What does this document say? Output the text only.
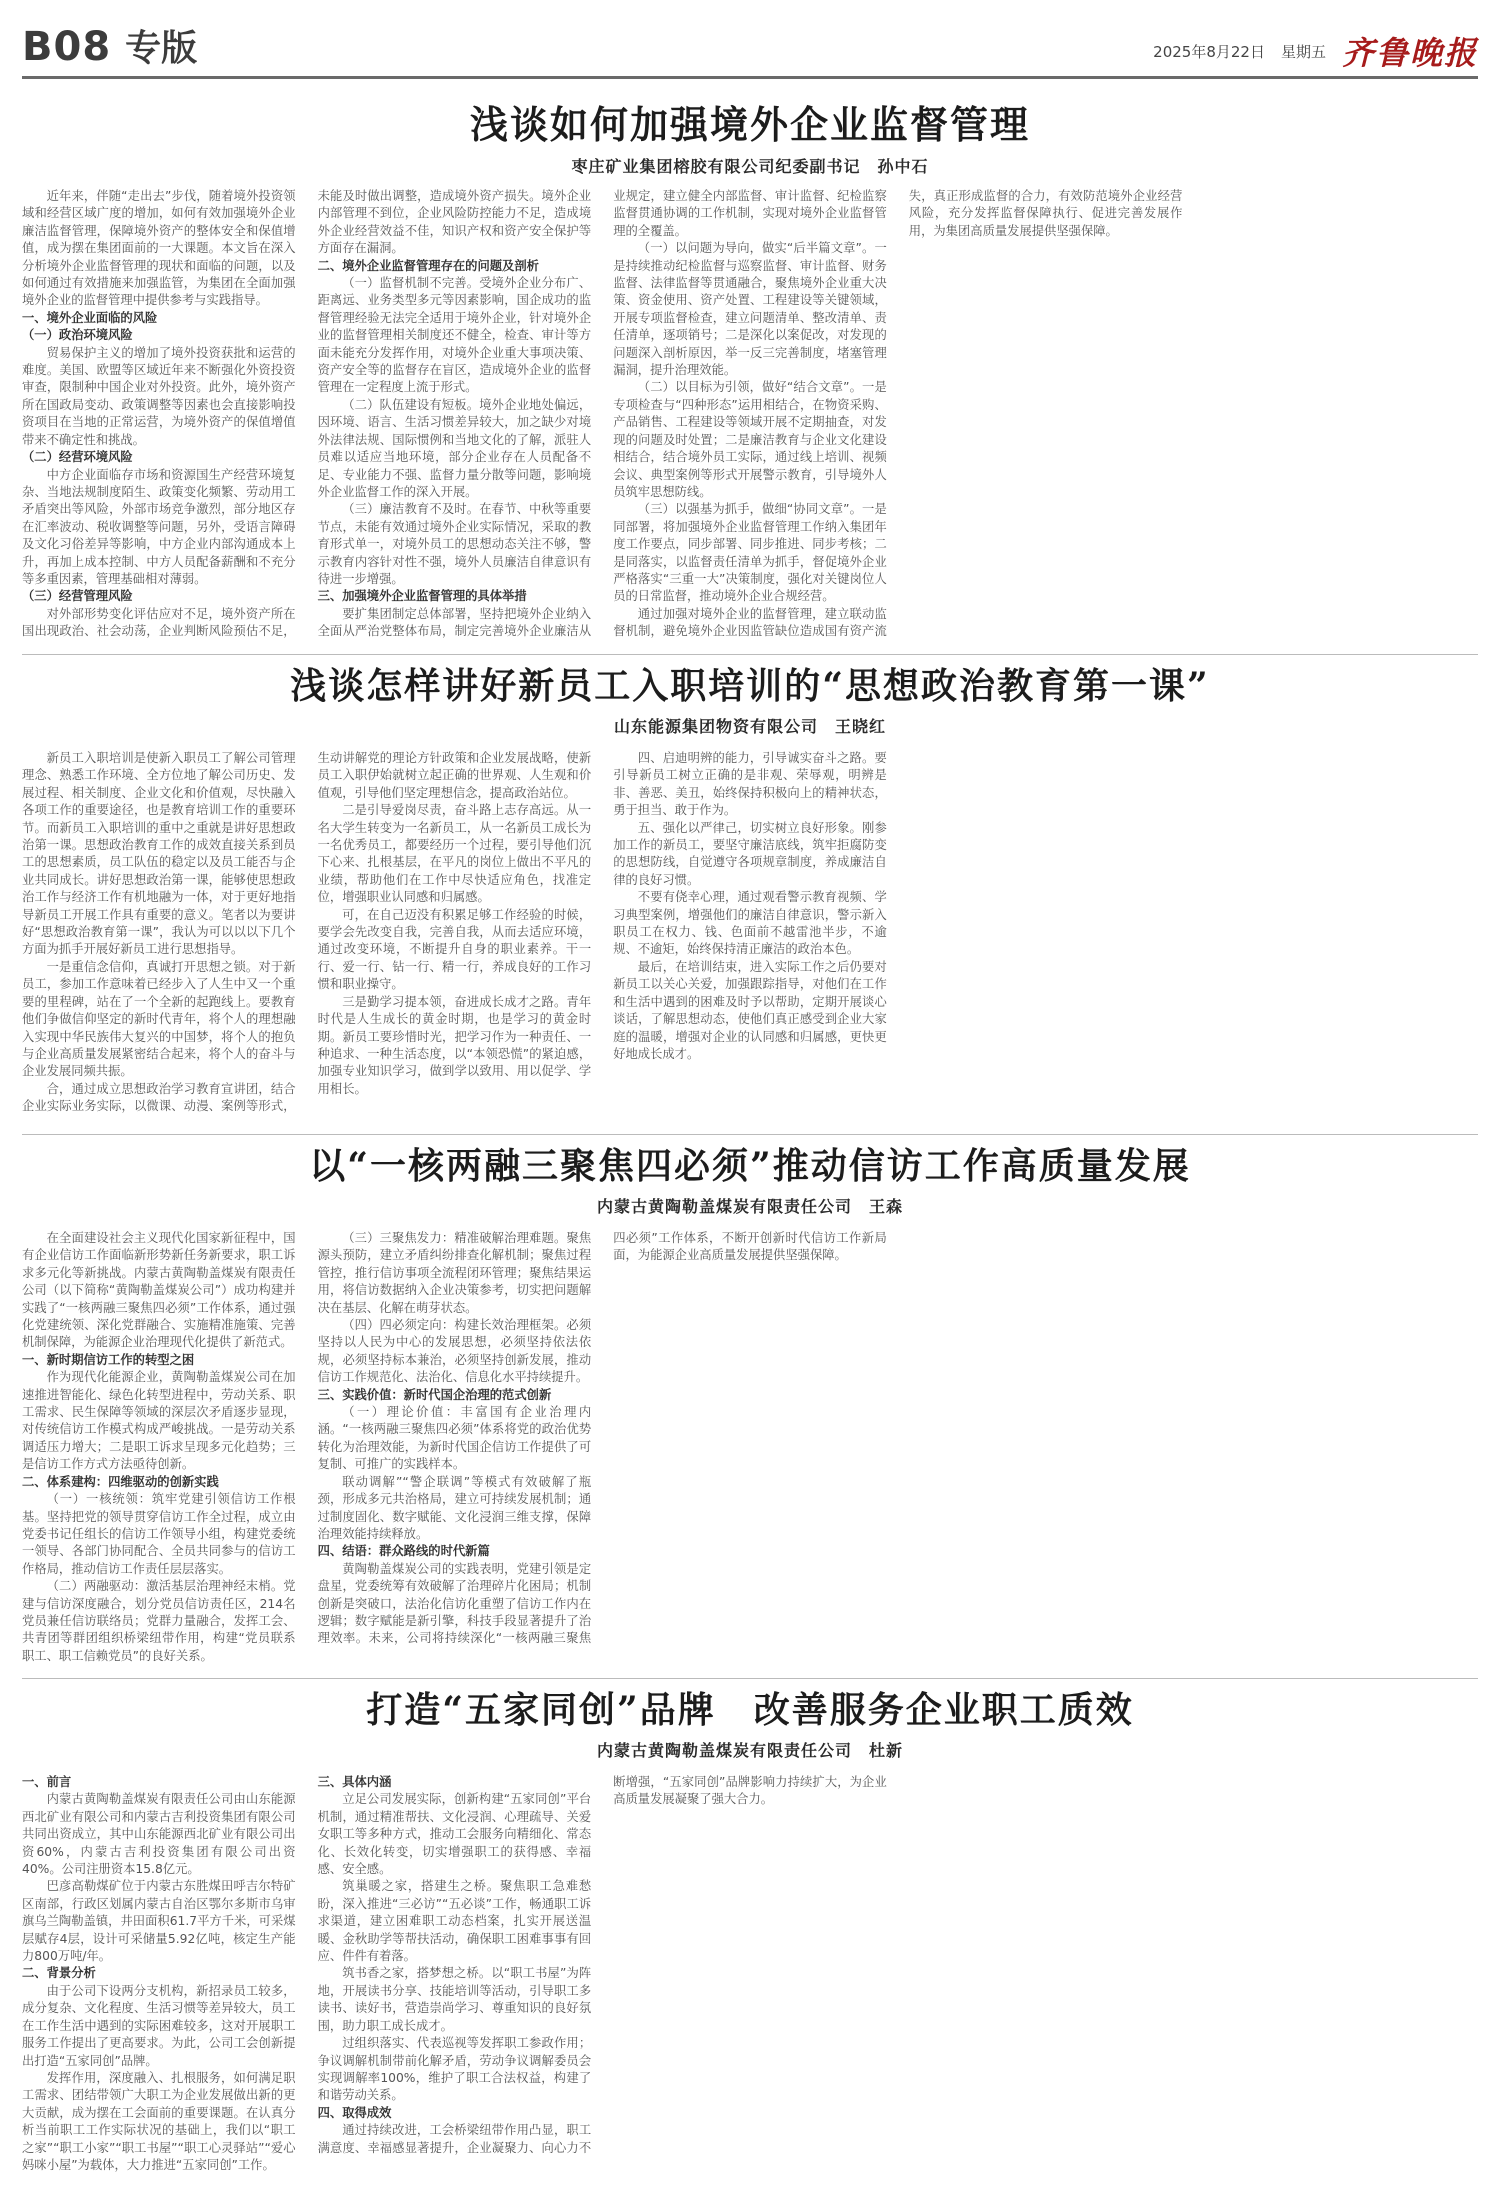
B08 专版	2025年8月22日 星期五 齐鲁晚报
浅谈如何加强境外企业监督管理
枣庄矿业集团榕胶有限公司纪委副书记　孙中石

近年来，伴随“走出去”步伐，随着境外投资领域和经营区域广度的增加，如何有效加强境外企业廉洁监督管理，保障境外资产的整体安全和保值增值，成为摆在集团面前的一大课题。本文旨在深入分析境外企业监督管理的现状和面临的问题，以及如何通过有效措施来加强监管，为集团在全面加强境外企业的监督管理中提供参考与实践指导。

一、境外企业面临的风险

（一）政治环境风险

贸易保护主义的增加了境外投资获批和运营的难度。美国、欧盟等区域近年来不断强化外资投资审查，限制种中国企业对外投资。此外，境外资产所在国政局变动、政策调整等因素也会直接影响投资项目在当地的正常运营，为境外资产的保值增值带来不确定性和挑战。

（二）经营环境风险

中方企业面临存市场和资源国生产经营环境复杂、当地法规制度陌生、政策变化频繁、劳动用工矛盾突出等风险，外部市场竞争激烈，部分地区存在汇率波动、税收调整等问题，另外，受语言障碍及文化习俗差异等影响，中方企业内部沟通成本上升，再加上成本控制、中方人员配备薪酬和不充分等多重因素，管理基础相对薄弱。

（三）经营管理风险

对外部形势变化评估应对不足，境外资产所在国出现政治、社会动荡，企业判断风险预估不足，未能及时做出调整，造成境外资产损失。境外企业内部管理不到位，企业风险防控能力不足，造成境外企业经营效益不佳，知识产权和资产安全保护等方面存在漏洞。

二、境外企业监督管理存在的问题及剖析

（一）监督机制不完善。受境外企业分布广、距离远、业务类型多元等因素影响，国企成功的监督管理经验无法完全适用于境外企业，针对境外企业的监督管理相关制度还不健全，检查、审计等方面未能充分发挥作用，对境外企业重大事项决策、资产安全等的监督存在盲区，造成境外企业的监督管理在一定程度上流于形式。

（二）队伍建设有短板。境外企业地处偏远，因环境、语言、生活习惯差异较大，加之缺少对境外法律法规、国际惯例和当地文化的了解，派驻人员难以适应当地环境，部分企业存在人员配备不足、专业能力不强、监督力量分散等问题，影响境外企业监督工作的深入开展。

（三）廉洁教育不及时。在春节、中秋等重要节点，未能有效通过境外企业实际情况，采取的教育形式单一，对境外员工的思想动态关注不够，警示教育内容针对性不强，境外人员廉洁自律意识有待进一步增强。

三、加强境外企业监督管理的具体举措

要扩集团制定总体部署，坚持把境外企业纳入全面从严治党整体布局，制定完善境外企业廉洁从业规定，建立健全内部监督、审计监督、纪检监察监督贯通协调的工作机制，实现对境外企业监督管理的全覆盖。

（一）以问题为导向，做实“后半篇文章”。一是持续推动纪检监督与巡察监督、审计监督、财务监督、法律监督等贯通融合，聚焦境外企业重大决策、资金使用、资产处置、工程建设等关键领域，开展专项监督检查，建立问题清单、整改清单、责任清单，逐项销号；二是深化以案促改，对发现的问题深入剖析原因，举一反三完善制度，堵塞管理漏洞，提升治理效能。

（二）以目标为引领，做好“结合文章”。一是专项检查与“四种形态”运用相结合，在物资采购、产品销售、工程建设等领域开展不定期抽查，对发现的问题及时处置；二是廉洁教育与企业文化建设相结合，结合境外员工实际，通过线上培训、视频会议、典型案例等形式开展警示教育，引导境外人员筑牢思想防线。

（三）以强基为抓手，做细“协同文章”。一是同部署，将加强境外企业监督管理工作纳入集团年度工作要点，同步部署、同步推进、同步考核；二是同落实，以监督责任清单为抓手，督促境外企业严格落实“三重一大”决策制度，强化对关键岗位人员的日常监督，推动境外企业合规经营。

通过加强对境外企业的监督管理，建立联动监督机制，避免境外企业因监管缺位造成国有资产流失，真正形成监督的合力，有效防范境外企业经营风险，充分发挥监督保障执行、促进完善发展作用，为集团高质量发展提供坚强保障。

浅谈怎样讲好新员工入职培训的“思想政治教育第一课”
山东能源集团物资有限公司　王晓红

新员工入职培训是使新入职员工了解公司管理理念、熟悉工作环境、全方位地了解公司历史、发展过程、相关制度、企业文化和价值观，尽快融入各项工作的重要途径，也是教育培训工作的重要环节。而新员工入职培训的重中之重就是讲好思想政治第一课。思想政治教育工作的成效直接关系到员工的思想素质，员工队伍的稳定以及员工能否与企业共同成长。讲好思想政治第一课，能够使思想政治工作与经济工作有机地融为一体，对于更好地指导新员工开展工作具有重要的意义。笔者以为要讲好“思想政治教育第一课”，我认为可以以以下几个方面为抓手开展好新员工进行思想指导。

一是重信念信仰，真诚打开思想之锁。对于新员工，参加工作意味着已经步入了人生中又一个重要的里程碑，站在了一个全新的起跑线上。要教育他们争做信仰坚定的新时代青年，将个人的理想融入实现中华民族伟大复兴的中国梦，将个人的抱负与企业高质量发展紧密结合起来，将个人的奋斗与企业发展同频共振。

合，通过成立思想政治学习教育宣讲团，结合企业实际业务实际，以微课、动漫、案例等形式，生动讲解党的理论方针政策和企业发展战略，使新员工入职伊始就树立起正确的世界观、人生观和价值观，引导他们坚定理想信念，提高政治站位。

二是引导爱岗尽责，奋斗路上志存高远。从一名大学生转变为一名新员工，从一名新员工成长为一名优秀员工，都要经历一个过程，要引导他们沉下心来、扎根基层，在平凡的岗位上做出不平凡的业绩，帮助他们在工作中尽快适应角色，找准定位，增强职业认同感和归属感。

可，在自己迈没有积累足够工作经验的时候，要学会先改变自我，完善自我，从而去适应环境，通过改变环境，不断提升自身的职业素养。干一行、爱一行、钻一行、精一行，养成良好的工作习惯和职业操守。

三是勤学习提本领，奋进成长成才之路。青年时代是人生成长的黄金时期，也是学习的黄金时期。新员工要珍惜时光，把学习作为一种责任、一种追求、一种生活态度，以“本领恐慌”的紧迫感，加强专业知识学习，做到学以致用、用以促学、学用相长。

四、启迪明辨的能力，引导诚实奋斗之路。要引导新员工树立正确的是非观、荣辱观，明辨是非、善恶、美丑，始终保持积极向上的精神状态，勇于担当、敢于作为。

五、强化以严律己，切实树立良好形象。刚参加工作的新员工，要坚守廉洁底线，筑牢拒腐防变的思想防线，自觉遵守各项规章制度，养成廉洁自律的良好习惯。

不要有侥幸心理，通过观看警示教育视频、学习典型案例，增强他们的廉洁自律意识，警示新入职员工在权力、钱、色面前不越雷池半步，不逾规、不逾矩，始终保持清正廉洁的政治本色。

最后，在培训结束，进入实际工作之后仍要对新员工以关心关爱，加强跟踪指导，对他们在工作和生活中遇到的困难及时予以帮助，定期开展谈心谈话，了解思想动态，使他们真正感受到企业大家庭的温暖，增强对企业的认同感和归属感，更快更好地成长成才。

以“一核两融三聚焦四必须”推动信访工作高质量发展
内蒙古黄陶勒盖煤炭有限责任公司　王森

在全面建设社会主义现代化国家新征程中，国有企业信访工作面临新形势新任务新要求，职工诉求多元化等新挑战。内蒙古黄陶勒盖煤炭有限责任公司（以下简称“黄陶勒盖煤炭公司”）成功构建并实践了“一核两融三聚焦四必须”工作体系，通过强化党建统领、深化党群融合、实施精准施策、完善机制保障，为能源企业治理现代化提供了新范式。

一、新时期信访工作的转型之困

作为现代化能源企业，黄陶勒盖煤炭公司在加速推进智能化、绿色化转型进程中，劳动关系、职工需求、民生保障等领域的深层次矛盾逐步显现，对传统信访工作模式构成严峻挑战。一是劳动关系调适压力增大；二是职工诉求呈现多元化趋势；三是信访工作方式方法亟待创新。

二、体系建构：四维驱动的创新实践

（一）一核统领：筑牢党建引领信访工作根基。坚持把党的领导贯穿信访工作全过程，成立由党委书记任组长的信访工作领导小组，构建党委统一领导、各部门协同配合、全员共同参与的信访工作格局，推动信访工作责任层层落实。

（二）两融驱动：激活基层治理神经末梢。党建与信访深度融合，划分党员信访责任区，214名党员兼任信访联络员；党群力量融合，发挥工会、共青团等群团组织桥梁纽带作用，构建“党员联系职工、职工信赖党员”的良好关系。

（三）三聚焦发力：精准破解治理难题。聚焦源头预防，建立矛盾纠纷排查化解机制；聚焦过程管控，推行信访事项全流程闭环管理；聚焦结果运用，将信访数据纳入企业决策参考，切实把问题解决在基层、化解在萌芽状态。

（四）四必须定向：构建长效治理框架。必须坚持以人民为中心的发展思想，必须坚持依法依规，必须坚持标本兼治，必须坚持创新发展，推动信访工作规范化、法治化、信息化水平持续提升。

三、实践价值：新时代国企治理的范式创新

（一）理论价值：丰富国有企业治理内涵。“一核两融三聚焦四必须”体系将党的政治优势转化为治理效能，为新时代国企信访工作提供了可复制、可推广的实践样本。

联动调解”“警企联调”等模式有效破解了瓶颈，形成多元共治格局，建立可持续发展机制；通过制度固化、数字赋能、文化浸润三维支撑，保障治理效能持续释放。

四、结语：群众路线的时代新篇

黄陶勒盖煤炭公司的实践表明，党建引领是定盘星，党委统筹有效破解了治理碎片化困局；机制创新是突破口，法治化信访化重塑了信访工作内在逻辑；数字赋能是新引擎，科技手段显著提升了治理效率。未来，公司将持续深化“一核两融三聚焦四必须”工作体系，不断开创新时代信访工作新局面，为能源企业高质量发展提供坚强保障。

打造“五家同创”品牌　改善服务企业职工质效
内蒙古黄陶勒盖煤炭有限责任公司　杜新

一、前言

内蒙古黄陶勒盖煤炭有限责任公司由山东能源西北矿业有限公司和内蒙古吉利投资集团有限公司共同出资成立，其中山东能源西北矿业有限公司出资60%，内蒙古吉利投资集团有限公司出资40%。公司注册资本15.8亿元。

巴彦高勒煤矿位于内蒙古东胜煤田呼吉尔特矿区南部，行政区划属内蒙古自治区鄂尔多斯市乌审旗乌兰陶勒盖镇，井田面积61.7平方千米，可采煤层赋存4层，设计可采储量5.92亿吨，核定生产能力800万吨/年。

二、背景分析

由于公司下设两分支机构，新招录员工较多，成分复杂、文化程度、生活习惯等差异较大，员工在工作生活中遇到的实际困难较多，这对开展职工服务工作提出了更高要求。为此，公司工会创新提出打造“五家同创”品牌。

发挥作用，深度融入、扎根服务，如何满足职工需求、团结带领广大职工为企业发展做出新的更大贡献，成为摆在工会面前的重要课题。在认真分析当前职工工作实际状况的基础上，我们以“职工之家”“职工小家”“职工书屋”“职工心灵驿站”“爱心妈咪小屋”为载体，大力推进“五家同创”工作。

三、具体内涵

立足公司发展实际，创新构建“五家同创”平台机制，通过精准帮扶、文化浸润、心理疏导、关爱女职工等多种方式，推动工会服务向精细化、常态化、长效化转变，切实增强职工的获得感、幸福感、安全感。

筑巢暖之家，搭建生之桥。聚焦职工急难愁盼，深入推进“三必访”“五必谈”工作，畅通职工诉求渠道，建立困难职工动态档案，扎实开展送温暖、金秋助学等帮扶活动，确保职工困难事事有回应、件件有着落。

筑书香之家，搭梦想之桥。以“职工书屋”为阵地，开展读书分享、技能培训等活动，引导职工多读书、读好书，营造崇尚学习、尊重知识的良好氛围，助力职工成长成才。

过组织落实、代表巡视等发挥职工参政作用；争议调解机制带前化解矛盾，劳动争议调解委员会实现调解率100%，维护了职工合法权益，构建了和谐劳动关系。

四、取得成效

通过持续改进，工会桥梁纽带作用凸显，职工满意度、幸福感显著提升，企业凝聚力、向心力不断增强，“五家同创”品牌影响力持续扩大，为企业高质量发展凝聚了强大合力。
